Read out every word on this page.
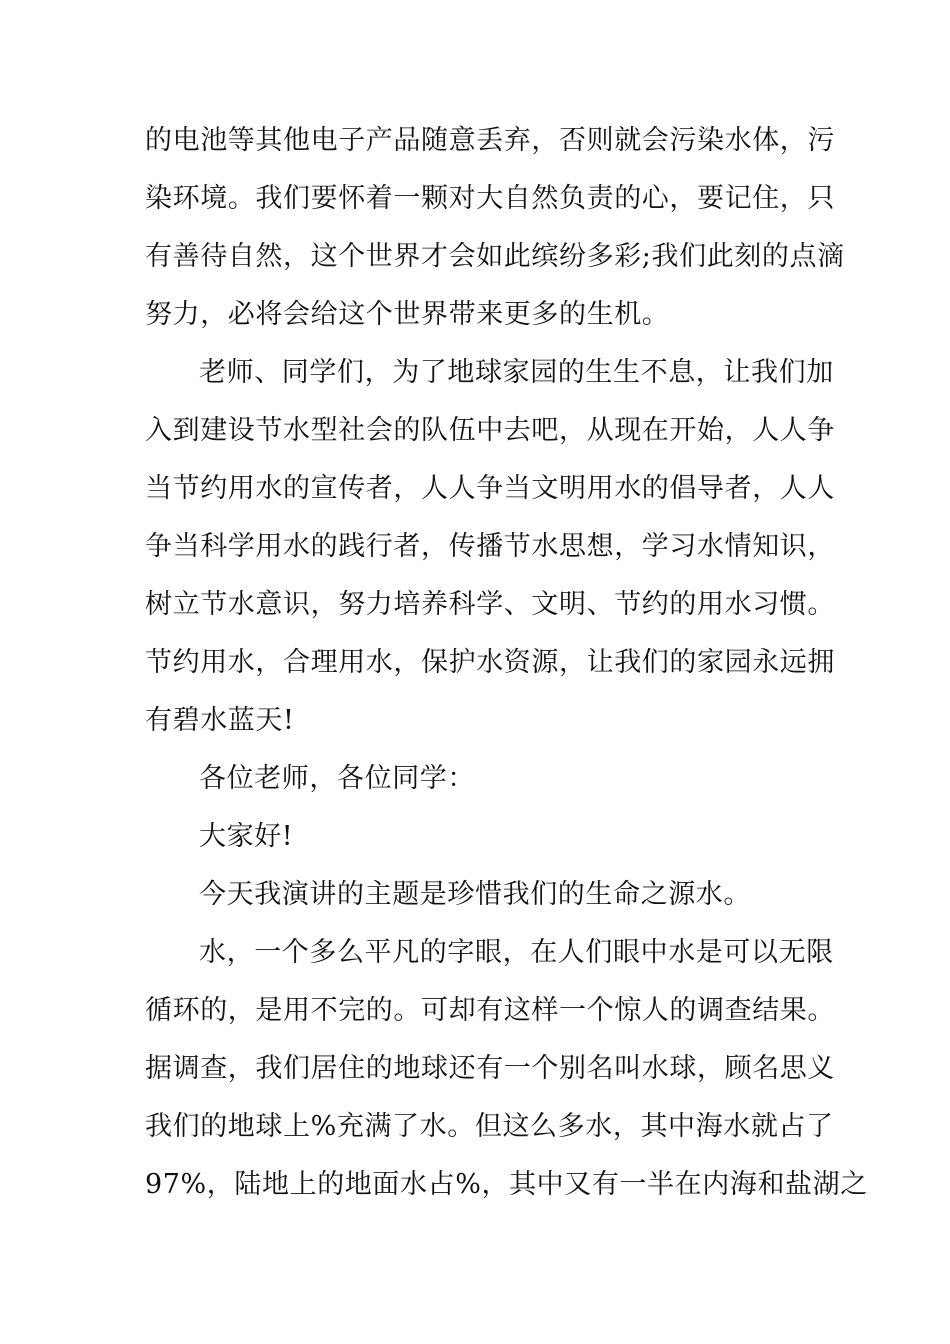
的电池等其他电子产品随意丢弃，否则就会污染水体，污
染环境。我们要怀着一颗对大自然负责的心，要记住，只
有善待自然，这个世界才会如此缤纷多彩;我们此刻的点滴
努力，必将会给这个世界带来更多的生机。
老师、同学们，为了地球家园的生生不息，让我们加
入到建设节水型社会的队伍中去吧，从现在开始，人人争
当节约用水的宣传者，人人争当文明用水的倡导者，人人
争当科学用水的践行者，传播节水思想，学习水情知识，
树立节水意识，努力培养科学、文明、节约的用水习惯。
节约用水，合理用水，保护水资源，让我们的家园永远拥
有碧水蓝天!
各位老师，各位同学：
大家好!
今天我演讲的主题是珍惜我们的生命之源水。
水，一个多么平凡的字眼，在人们眼中水是可以无限
循环的，是用不完的。可却有这样一个惊人的调查结果。
据调查，我们居住的地球还有一个别名叫水球，顾名思义
我们的地球上%充满了水。但这么多水，其中海水就占了
97%，陆地上的地面水占%，其中又有一半在内海和盐湖之
